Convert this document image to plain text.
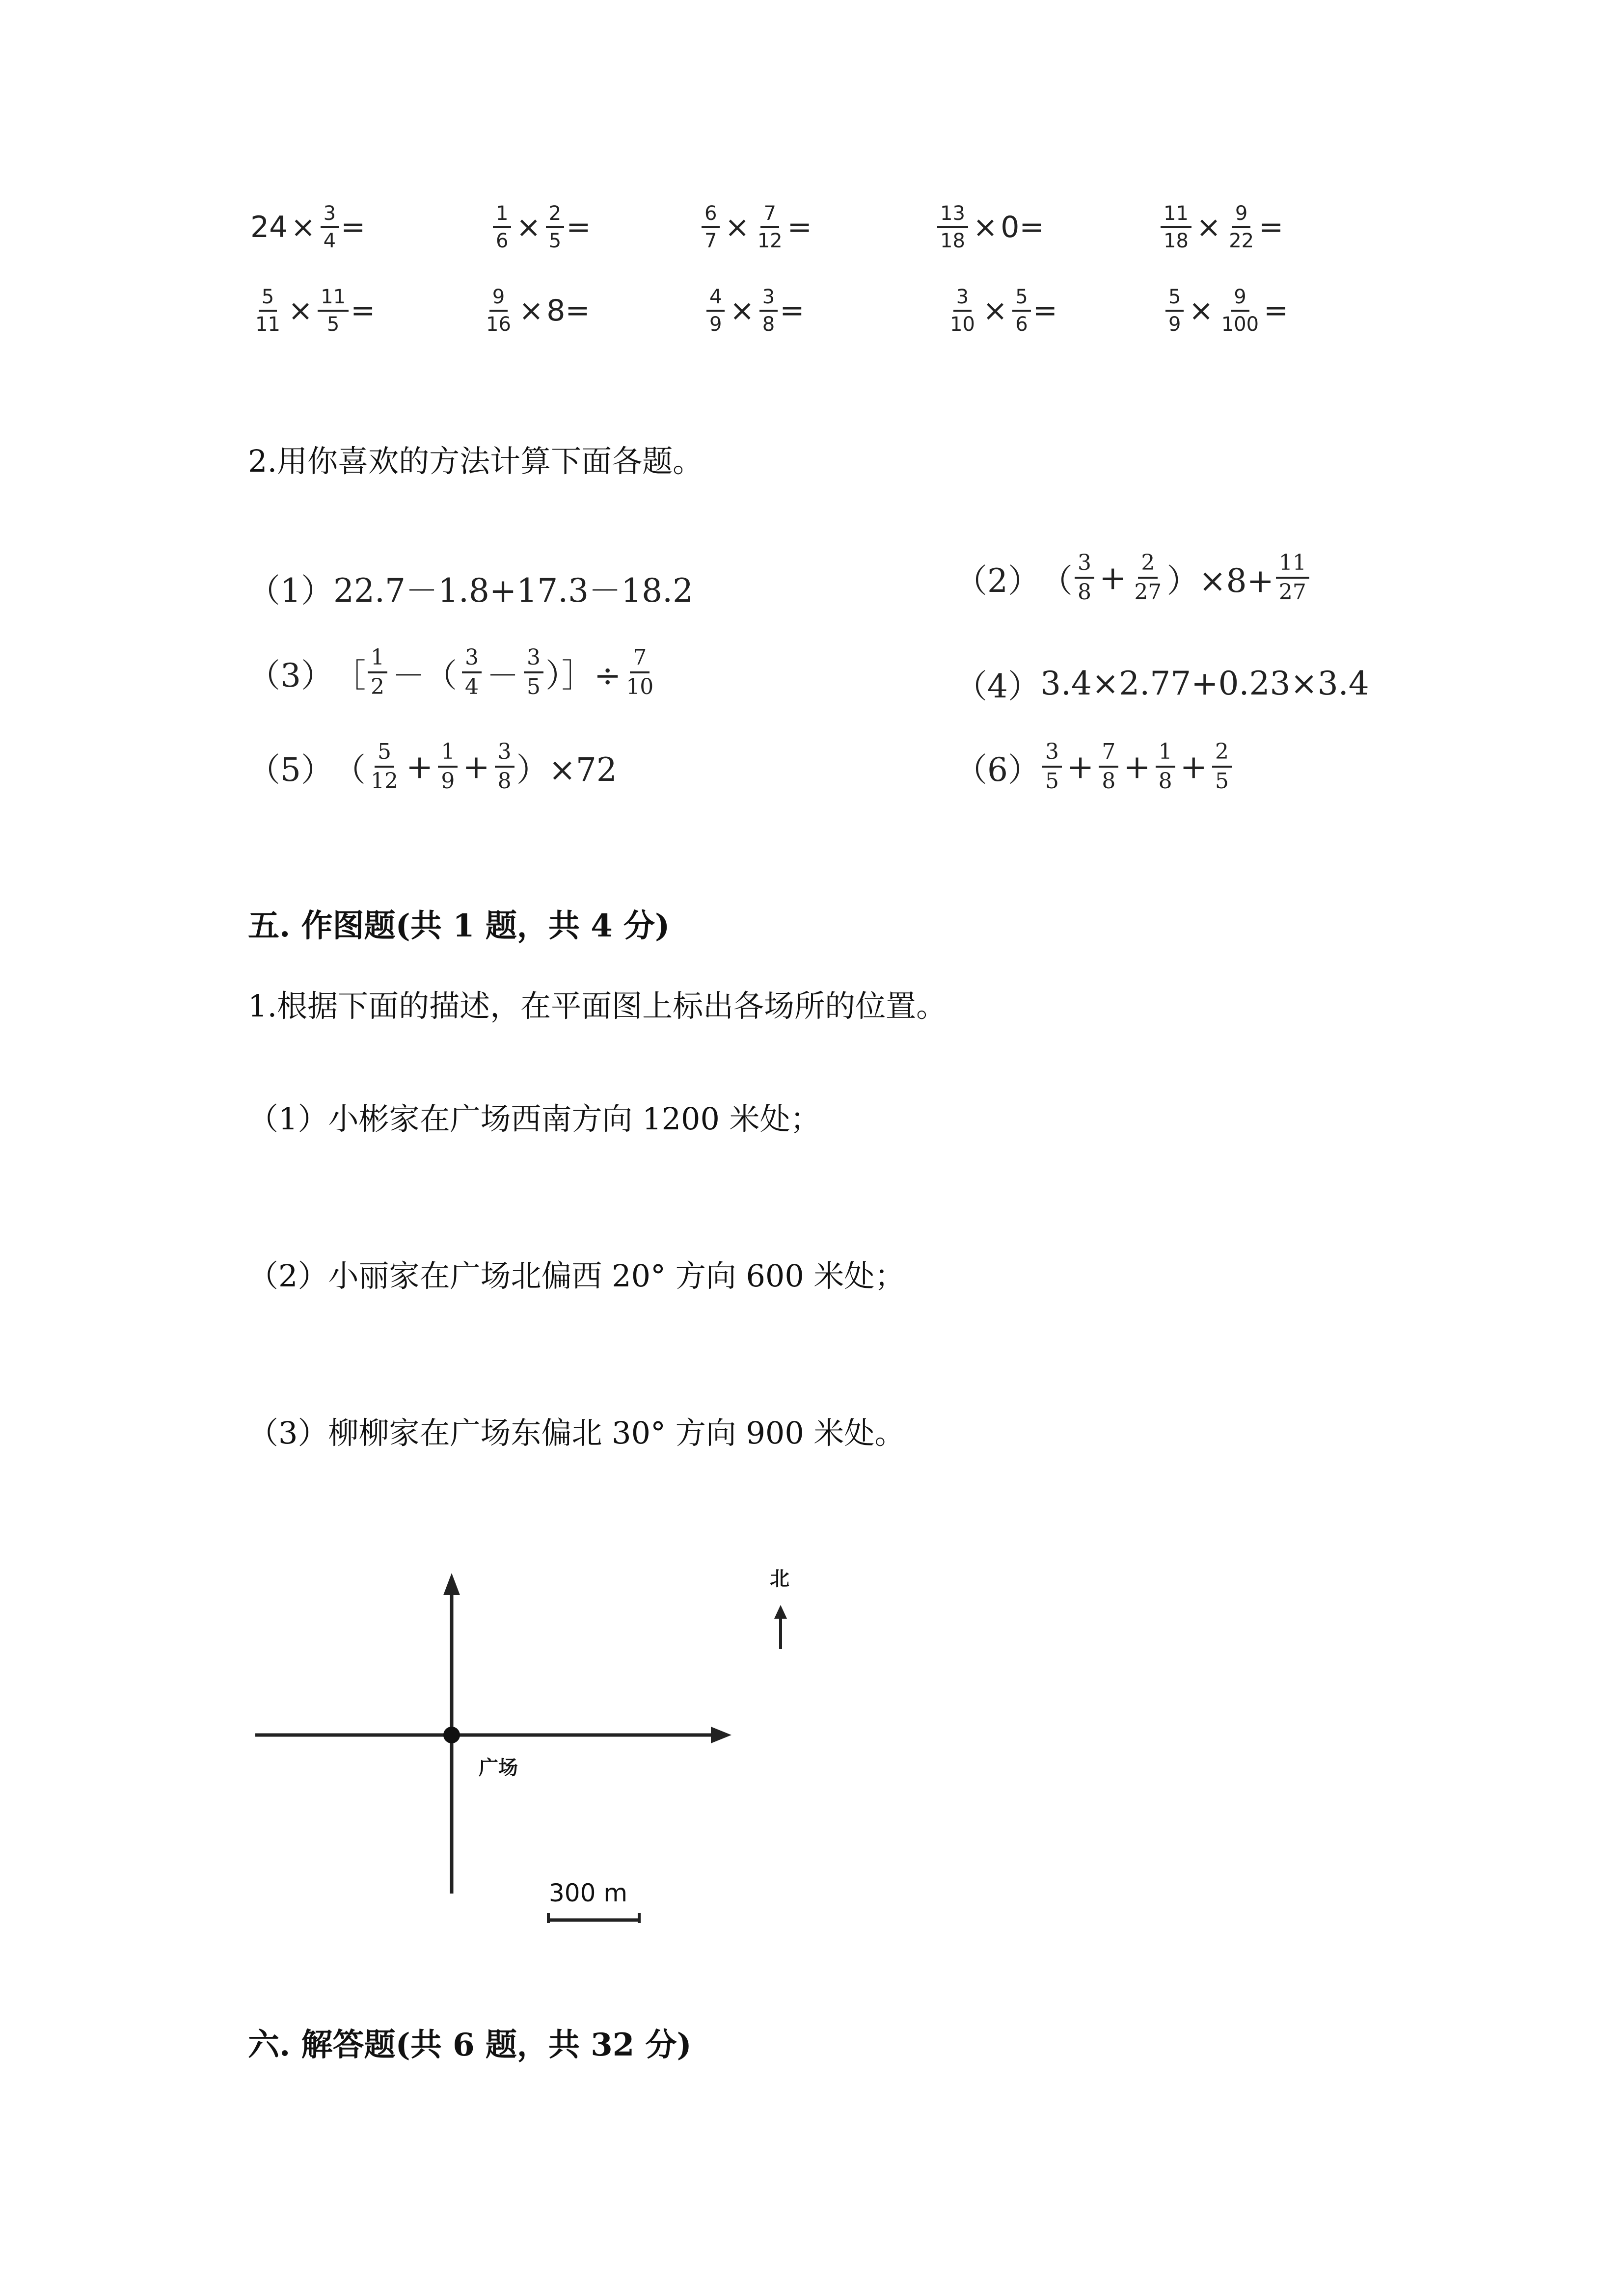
$24 \times \frac{3}{4}$ =	$\frac{1}{6} \times \frac{2}{5}$ =	$\frac{6}{7} \times \frac{7}{12}$ =	$\frac{13}{18} \times 0$ =	$\frac{11}{18} \times \frac{9}{22}$ =
$\frac{5}{11} \times \frac{11}{5}$ =	$\frac{9}{16} \times 8$ =	$\frac{4}{9} \times \frac{3}{8}$ =	$\frac{3}{10} \times \frac{5}{6}$ =	$\frac{5}{9} \times \frac{9}{100}$ =
2.用你喜欢的方法计算下面各题。
（1） 22.7－1.8+17.3－18.2	（2） （ $\frac{3}{8} + \frac{2}{27} )\times 8+ \frac{11}{27}$
（3） ［ $\frac{1}{2}$ －（ $\frac{3}{4} - \frac{3}{5}$ ）］÷ $\frac{7}{10}$	（4） 3.4×2.77+0.23×3.4
（5） （ $\frac{5}{12} + \frac{1}{9} + \frac{3}{8} )\times 72$	$(6) \frac{3}{5} + \frac{7}{8} + \frac{1}{8} + \frac{2}{5}$
五. 作图题(共 1 题，共 4 分)
1.根据下面的描述，在平面图上标出各场所的位置。
（1）小彬家在广场西南方向 1200 米处；
（2）小丽家在广场北偏西 20° 方向 600 米处；
（3）柳柳家在广场东偏北 30° 方向 900 米处。
北
广场
300 m
六. 解答题(共 6 题，共 32 分)
